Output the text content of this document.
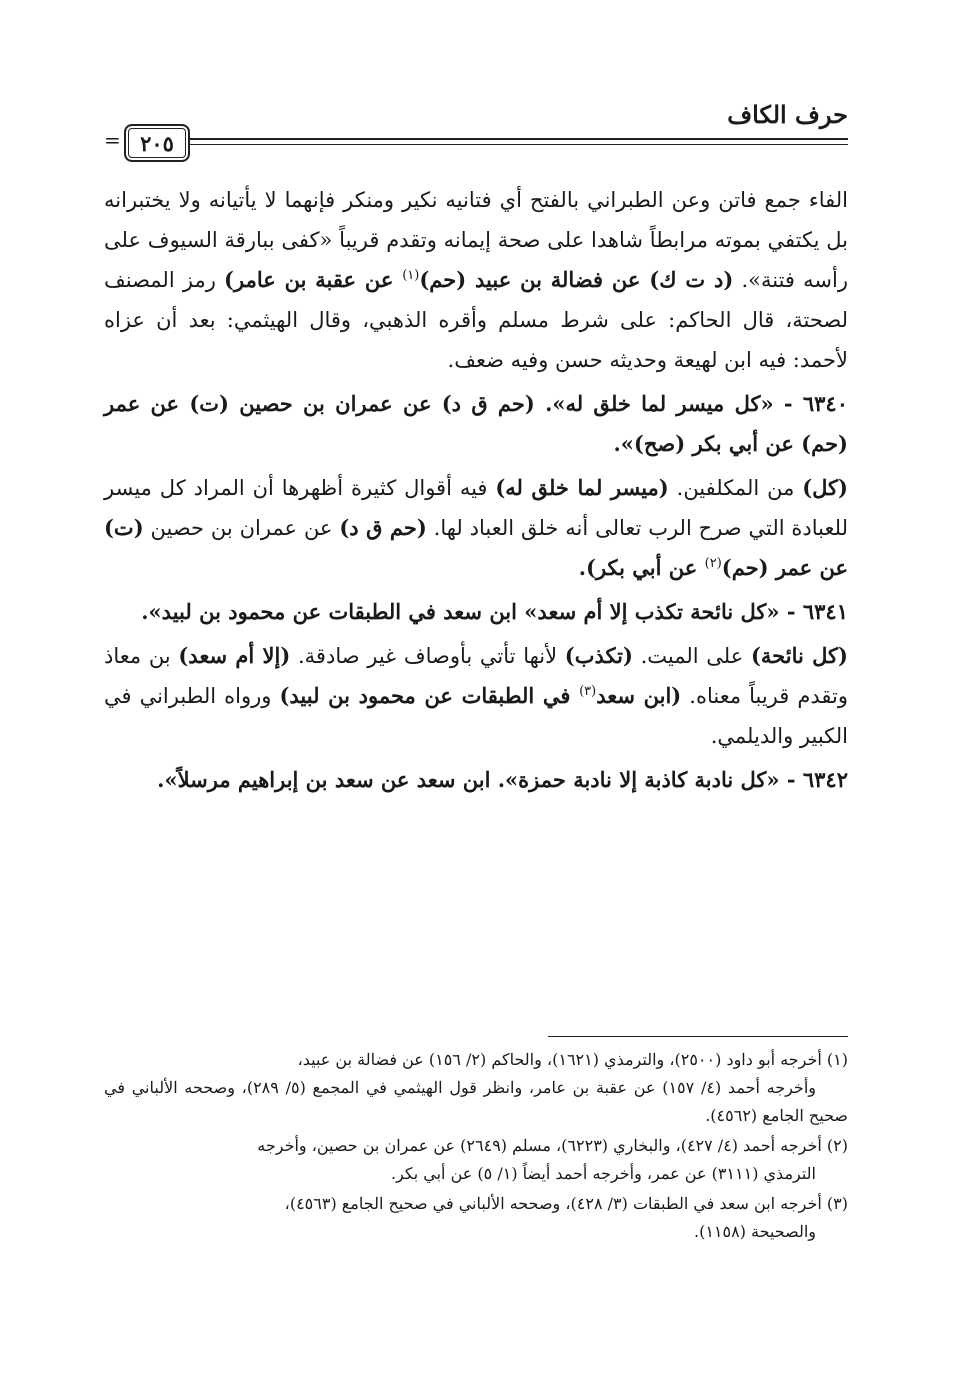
حرف الكاف
٢٠٥
=

الفاء جمع فاتن وعن الطبراني بالفتح أي فتانيه نكير ومنكر فإنهما لا يأتيانه ولا يختبرانه بل يكتفي بموته مرابطاً شاهدا على صحة إيمانه وتقدم قريباً «كفى ببارقة السيوف على رأسه فتنة». (د ت ك) عن فضالة بن عبيد (حم)$^{(١)}$ عن عقبة بن عامر) رمز المصنف لصحتة، قال الحاكم: على شرط مسلم وأقره الذهبي، وقال الهيثمي: بعد أن عزاه لأحمد: فيه ابن لهيعة وحديثه حسن وفيه ضعف.

٦٣٤٠ - «كل ميسر لما خلق له». (حم ق د) عن عمران بن حصين (ت) عن عمر (حم) عن أبي بكر (صح)».

(كل) من المكلفين. (ميسر لما خلق له) فيه أقوال كثيرة أظهرها أن المراد كل ميسر للعبادة التي صرح الرب تعالى أنه خلق العباد لها. (حم ق د) عن عمران بن حصين (ت) عن عمر (حم)$^{(٢)}$ عن أبي بكر).

٦٣٤١ - «كل نائحة تكذب إلا أم سعد» ابن سعد في الطبقات عن محمود بن لبيد».

(كل نائحة) على الميت. (تكذب) لأنها تأتي بأوصاف غير صادقة. (إلا أم سعد) بن معاذ وتقدم قريباً معناه. (ابن سعد$^{(٣)}$ في الطبقات عن محمود بن لبيد) ورواه الطبراني في الكبير والديلمي.

٦٣٤٢ - «كل نادبة كاذبة إلا نادبة حمزة». ابن سعد عن سعد بن إبراهيم مرسلاً».

(١) أخرجه أبو داود (٢٥٠٠)، والترمذي (١٦٢١)، والحاكم (٢/ ١٥٦) عن فضالة بن عبيد،
وأخرجه أحمد (٤/ ١٥٧) عن عقبة بن عامر، وانظر قول الهيثمي في المجمع (٥/ ٢٨٩)، وصححه الألباني في صحيح الجامع (٤٥٦٢).

(٢) أخرجه أحمد (٤/ ٤٢٧)، والبخاري (٦٢٢٣)، مسلم (٢٦٤٩) عن عمران بن حصين، وأخرجه
الترمذي (٣١١١) عن عمر، وأخرجه أحمد أيضاً (١/ ٥) عن أبي بكر.

(٣) أخرجه ابن سعد في الطبقات (٣/ ٤٢٨)، وصححه الألباني في صحيح الجامع (٤٥٦٣)،
والصحيحة (١١٥٨).
